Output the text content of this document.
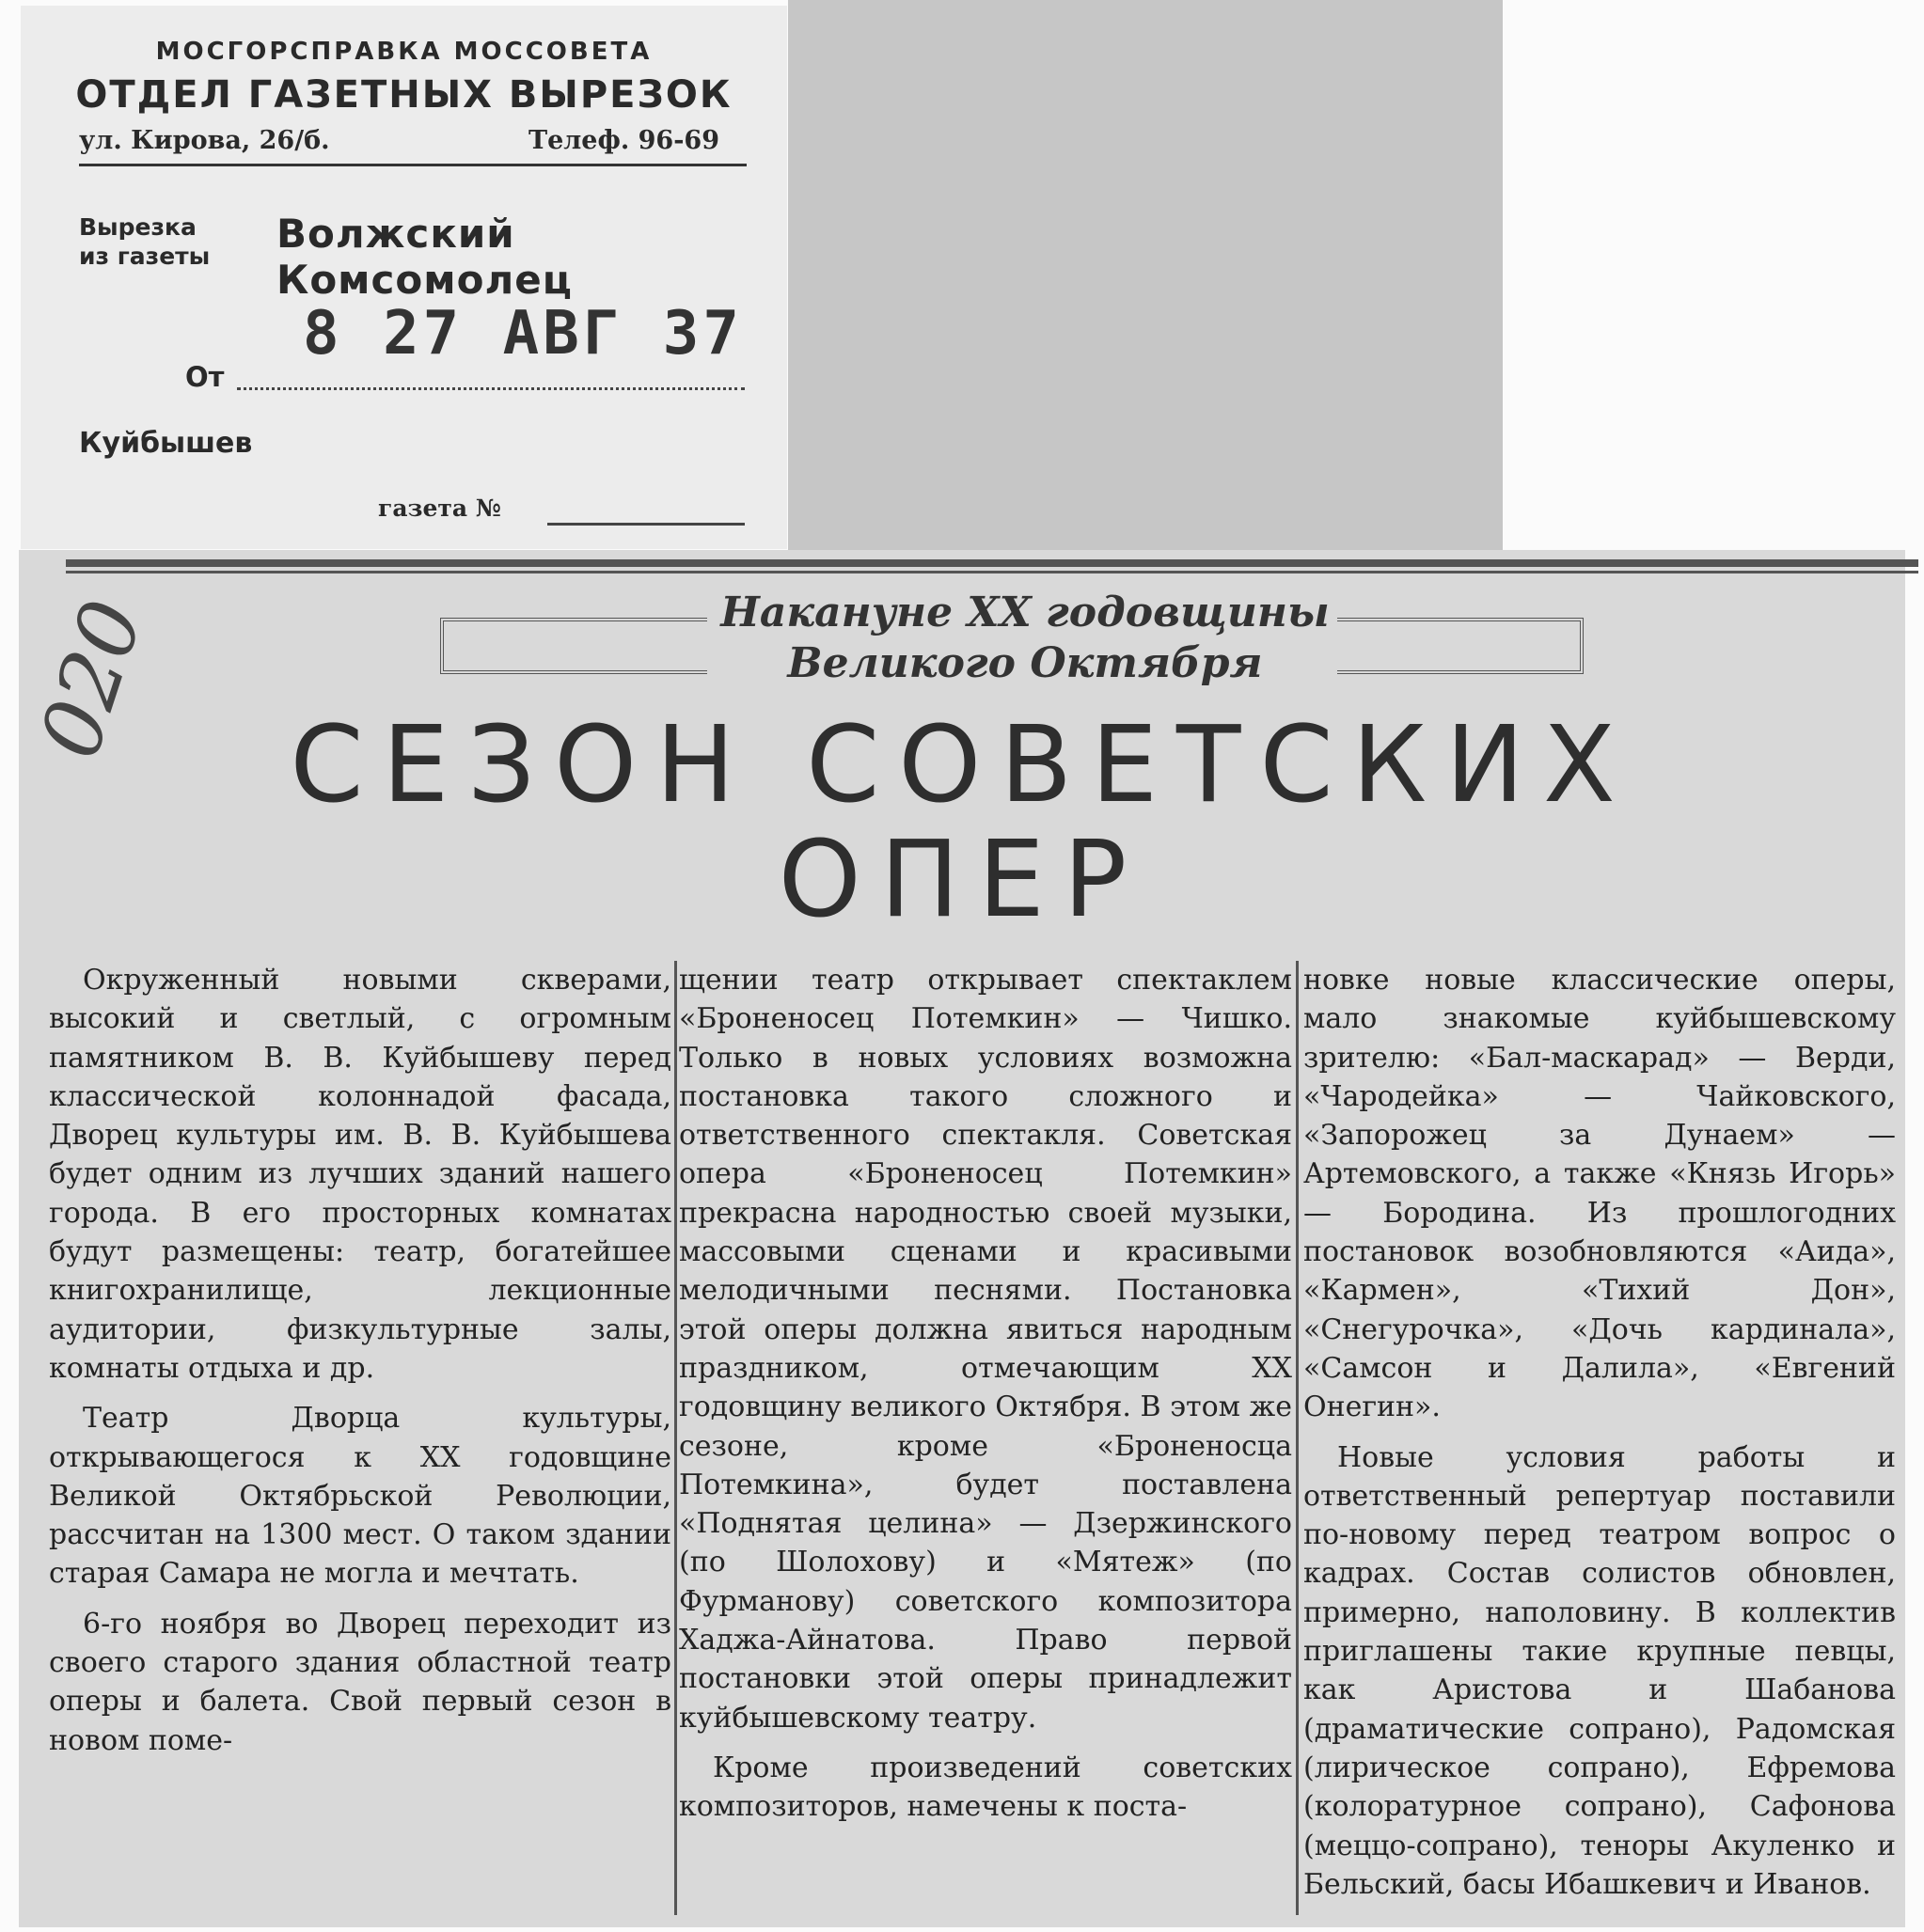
МОСГОРСПРАВКА МОССОВЕТА
ОТДЕЛ ГАЗЕТНЫХ ВЫРЕЗОК
ул. Кирова, 26/б.	Телеф. 96-69
Вырезка
из газеты Волжский Комсомолец
От
8 27 АВГ 37
Куйбышев
газета №
020	Накануне XX годовщины
Великого Октября
СЕЗОН СОВЕТСКИХ
ОПЕР

Окруженный новыми скверами, высокий и светлый, с огромным памятником В. В. Куйбышеву перед классической колоннадой фасада, Дворец культуры им. В. В. Куйбышева будет одним из лучших зданий нашего города. В его просторных комнатах будут размещены: театр, богатейшее книгохранилище, лекционные аудитории, физкультурные залы, комнаты отдыха и др.

Театр Дворца культуры, открывающегося к XX годовщине Великой Октябрьской Революции, рассчитан на 1300 мест. О таком здании старая Самара не могла и мечтать.

6-го ноября во Дворец переходит из своего старого здания областной театр оперы и балета. Свой первый сезон в новом поме-

щении театр открывает спектаклем «Броненосец Потемкин» — Чишко. Только в новых условиях возможна постановка такого сложного и ответственного спектакля. Советская опера «Броненосец Потемкин» прекрасна народностью своей музыки, массовыми сценами и красивыми мелодичными песнями. Постановка этой оперы должна явиться народным праздником, отмечающим XX годовщину великого Октября. В этом же сезоне, кроме «Броненосца Потемкина», будет поставлена «Поднятая целина» — Дзержинского (по Шолохову) и «Мятеж» (по Фурманову) советского композитора Хаджа-Айнатова. Право первой постановки этой оперы принадлежит куйбышевскому театру.

Кроме произведений советских композиторов, намечены к поста-

новке новые классические оперы, мало знакомые куйбышевскому зрителю: «Бал-маскарад» — Верди, «Чародейка» — Чайковского, «Запорожец за Дунаем» — Артемовского, а также «Князь Игорь» — Бородина. Из прошлогодних постановок возобновляются «Аида», «Кармен», «Тихий Дон», «Снегурочка», «Дочь кардинала», «Самсон и Далила», «Евгений Онегин».

Новые условия работы и ответственный репертуар поставили по-новому перед театром вопрос о кадрах. Состав солистов обновлен, примерно, наполовину. В коллектив приглашены такие крупные певцы, как Аристова и Шабанова (драматические сопрано), Радомская (лирическое сопрано), Ефремова (колоратурное сопрано), Сафонова (меццо-сопрано), теноры Акуленко и Бельский, басы Ибашкевич и Иванов.
